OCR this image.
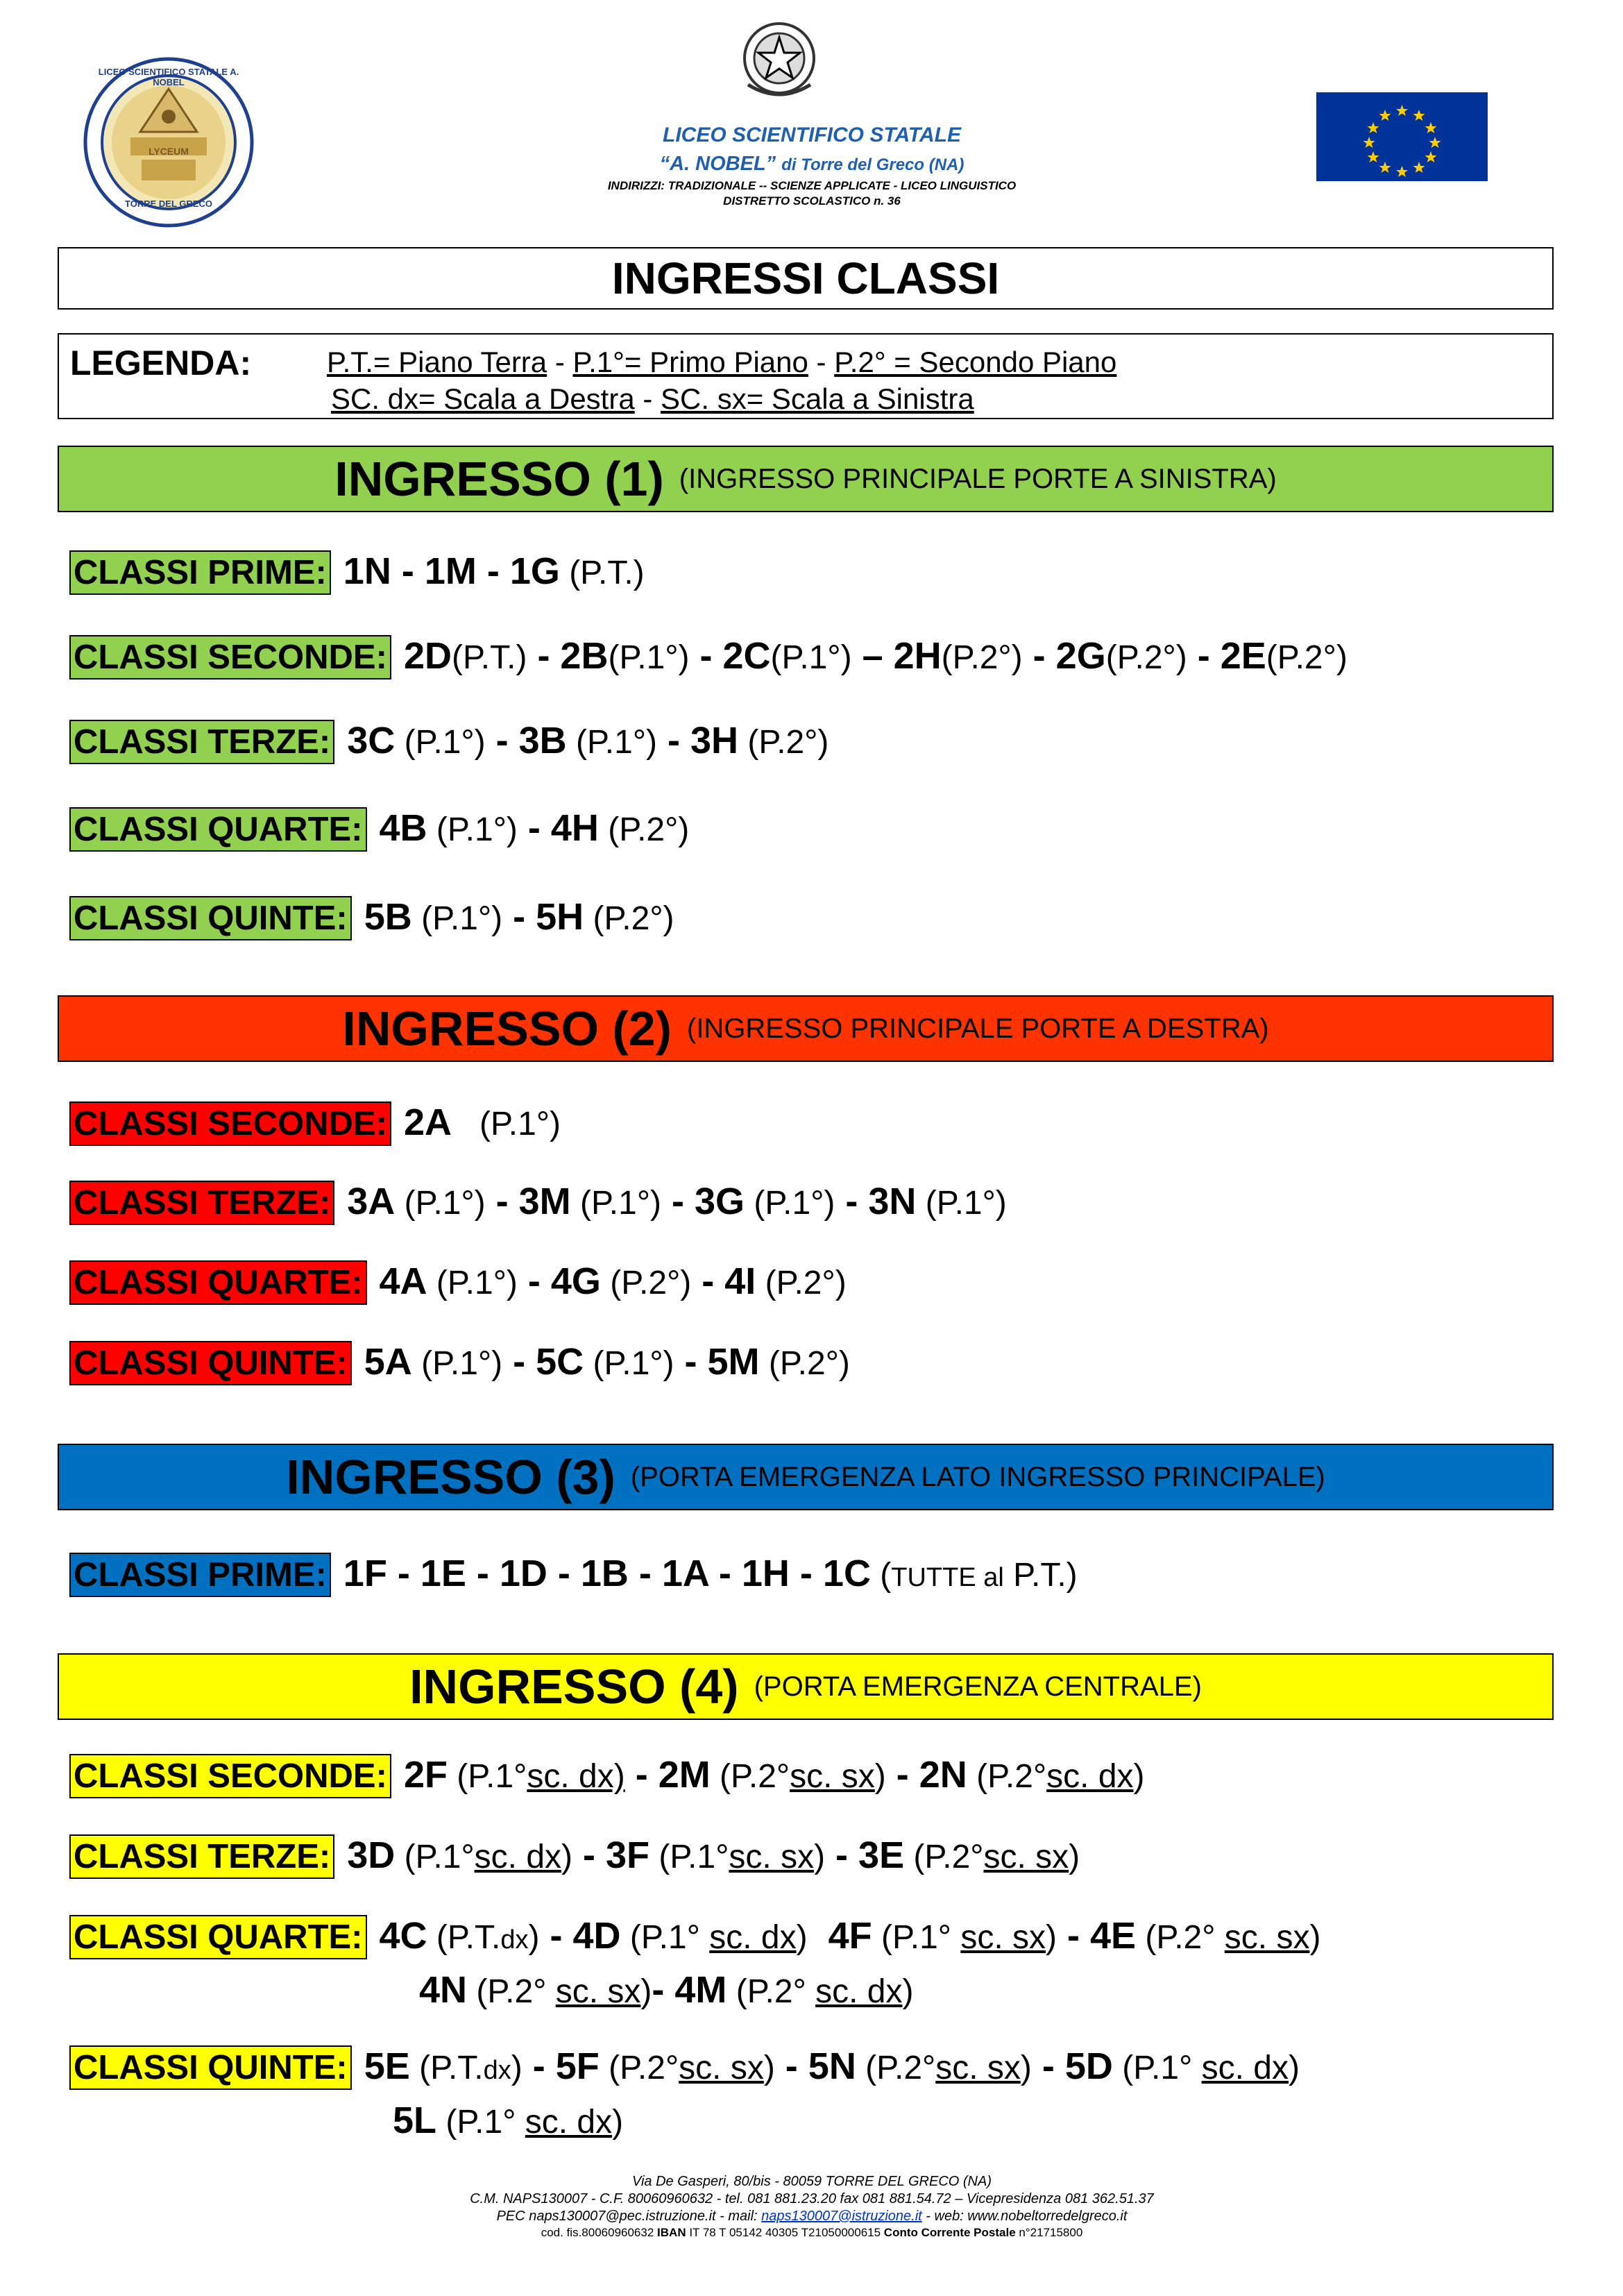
LYCEUM
LICEO SCIENTIFICO STATALE A. NOBEL
TORRE DEL GRECO
LICEO SCIENTIFICO STATALE
“A. NOBEL” di Torre del Greco (NA)
INDIRIZZI: TRADIZIONALE -- SCIENZE APPLICATE - LICEO LINGUISTICO
DISTRETTO SCOLASTICO n. 36
INGRESSI CLASSI
LEGENDA:	P.T.= Piano Terra - P.1°= Primo Piano - P.2° = Secondo Piano
SC. dx= Scala a Destra - SC. sx= Scala a Sinistra
INGRESSO (1) (INGRESSO PRINCIPALE PORTE A SINISTRA)
CLASSI PRIME: 1N - 1M - 1G (P.T.)
CLASSI SECONDE: 2D(P.T.) - 2B(P.1°) - 2C(P.1°) – 2H(P.2°) - 2G(P.2°) - 2E(P.2°)
CLASSI TERZE: 3C (P.1°) - 3B (P.1°) - 3H (P.2°)
CLASSI QUARTE: 4B (P.1°) - 4H (P.2°)
CLASSI QUINTE: 5B (P.1°) - 5H (P.2°)
INGRESSO (2) (INGRESSO PRINCIPALE PORTE A DESTRA)
CLASSI SECONDE: 2A   (P.1°)
CLASSI TERZE: 3A (P.1°) - 3M (P.1°) - 3G (P.1°) - 3N (P.1°)
CLASSI QUARTE: 4A (P.1°) - 4G (P.2°) - 4I (P.2°)
CLASSI QUINTE: 5A (P.1°) - 5C (P.1°) - 5M (P.2°)
INGRESSO (3) (PORTA EMERGENZA LATO INGRESSO PRINCIPALE)
CLASSI PRIME: 1F - 1E - 1D - 1B - 1A - 1H - 1C (TUTTE al P.T.)
INGRESSO (4) (PORTA EMERGENZA CENTRALE)
CLASSI SECONDE: 2F (P.1°sc. dx) - 2M (P.2°sc. sx) - 2N (P.2°sc. dx)
CLASSI TERZE: 3D (P.1°sc. dx) - 3F (P.1°sc. sx) - 3E (P.2°sc. sx)
CLASSI QUARTE: 4C (P.T.dx) - 4D (P.1° sc. dx)  4F (P.1° sc. sx) - 4E (P.2° sc. sx)
4N (P.2° sc. sx ) - 4M (P.2° sc. dx )
CLASSI QUINTE: 5E (P.T.dx) - 5F (P.2°sc. sx) - 5N (P.2°sc. sx) - 5D (P.1° sc. dx)
5L (P.1° sc. dx )
Via De Gasperi, 80/bis - 80059 TORRE DEL GRECO (NA)
C.M. NAPS130007 - C.F. 80060960632 - tel. 081 881.23.20 fax 081 881.54.72 – Vicepresidenza 081 362.51.37
PEC naps130007@pec.istruzione.it - mail: naps130007@istruzione.it - web: www.nobeltorredelgreco.it
cod. fis.80060960632 IBAN IT 78 T 05142 40305 T21050000615 Conto Corrente Postale n°21715800
